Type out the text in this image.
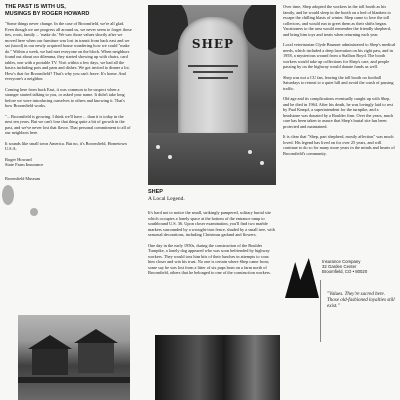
THE PAST IS WITH US,

MUSINGS BY ROGER HOWARD

"Some things never change. In the case of Broomfield, we're all glad. Even though we are progress all around us, we never seem to forget those ties, roots, family ... 'make do.' We saw those values shortly after we moved here when our furniture was lost in transit from back east and we sat (stood) in our newly acquired house wondering how we could "make do." Within a week, we had met everyone on the block. When neighbors found out about our dilemma, they started showing up with chairs, card tables, one with a portable TV. Visit within a few days, we had all the basics including pots and pans and dishes. We got invited to dinner a lot. How's that for Broomfield? That's why you can't leave. It's home. And everyone's a neighbor.

Coming here from back East, it was common to be suspect when a stranger started talking to you, or asked your name. It didn't take long before we were introducing ourselves to others and knowing it. That's how Broomfield works.

"... Broomfield is growing. I think we'll have ... than it is today in the next ten years. But we can't lose that thing quite a bit of growth in the past, and we've never lost that flavor. That personal commitment to all of our neighbors here.

It sounds like small town America. But no, it's Broomfield, Hometown U.S.A.

Roger Howard

State Farm Insurance

Broomfield Museum

SHEP

SHEP

A Local Legend.

It's hard not to notice the small, strikingly pampered, solitary burial site which occupies a lonely space at the bottom of the entrance ramp to southbound U.S. 36. Upon closer examination, you'll find two marble markers surrounded by a wrought-iron fence, shaded by a small tree, with seasonal decorations, including Christmas garland and flowers.

One day in the early 1950s, during the construction of the Boulder Turnpike, a lonely dog appeared who was soon befriended by highway workers. They would toss him bits of their lunches in attempts to coax him closer and win his trust. No one is certain where Shep came from; some say he was lost from a litter of six pups born on a farm north of Broomfield, others that he belonged to one of the construction workers.

Over time, Shep adopted the workers in the toll booth as his family, and he would sleep in the booth on a bed of blankets to escape the chilling blasts of winter. Shep came to love the toll collectors, and would run to greet them as their shifts began. Vacationers to the area would remember the friendly shepherd, and bring him toys and treats when returning each year.

Local veterinarian Clyde Brunner administered to Shep's medical needs, which included a deep laceration on his right paw, and in 1958, a mysterious wound from a Stallion Boyd. The booth workers would take up collections for Shep's care, and people passing by on the highway would donate funds as well.

Shep was not a CU fan, leaving the toll booth on football Saturdays to retreat to a quiet hill and avoid the crush of passing traffic.

Old age and its complications eventually caught up with Shep, and he died in 1964. After his death, he was lovingly laid to rest by Paul Kempf, a superintendent for the turnpike, and a headstone was donated by a Boulder firm. Over the years, much care has been taken to assure that Shep's burial site has been protected and maintained.

It is clear that "Shep, part shepherd, mostly affection" was much loved. His legend has lived on for over 25 years, and will continue to do so for many more years in the minds and hearts of Broomfield's community.

Insurance Company

32 Garden Center

Broomfield, CO • 80020

"Values. They're sacred here. Those old-fashioned loyalties still exist."
